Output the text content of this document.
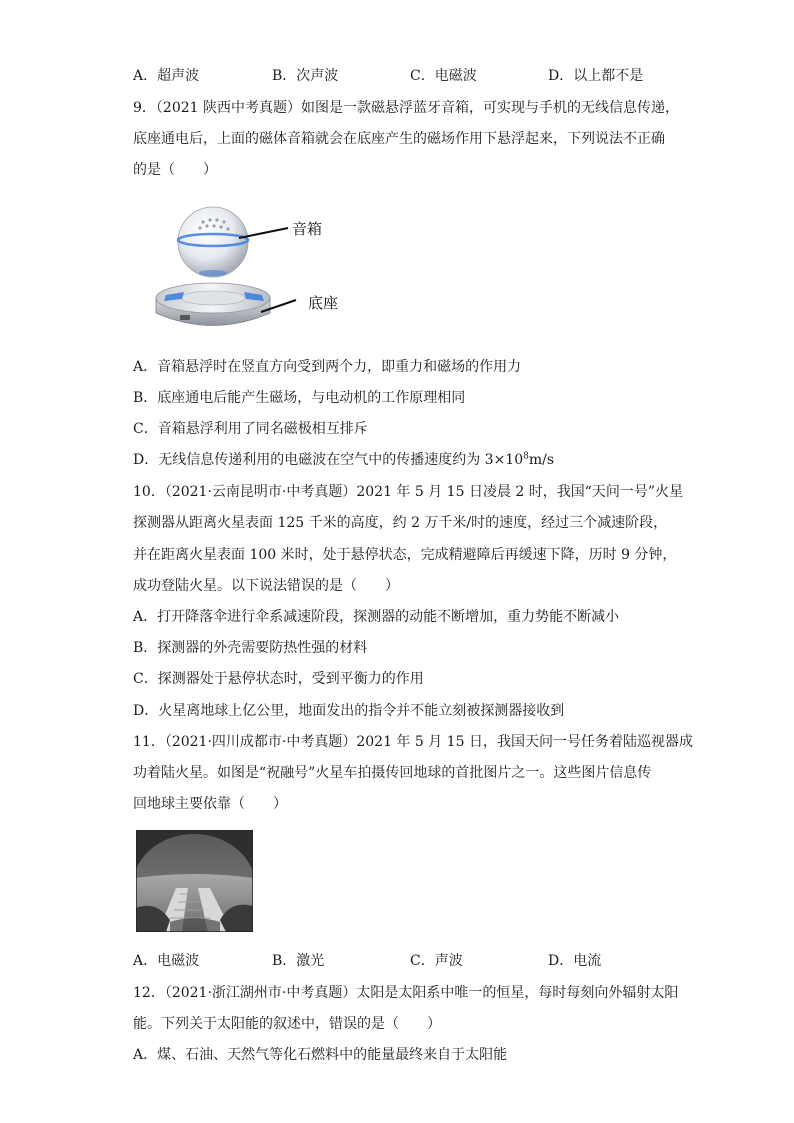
A．超声波	B．次声波	C．电磁波	D．以上都不是
9．（2021 陕西中考真题）如图是一款磁悬浮蓝牙音箱，可实现与手机的无线信息传递，
底座通电后，上面的磁体音箱就会在底座产生的磁场作用下悬浮起来，下列说法不正确
的是（　　）
音箱
底座
A．音箱悬浮时在竖直方向受到两个力，即重力和磁场的作用力
B．底座通电后能产生磁场，与电动机的工作原理相同
C．音箱悬浮利用了同名磁极相互排斥
D．无线信息传递利用的电磁波在空气中的传播速度约为 $3\times 10^8m/s$
10．（2021·云南昆明市·中考真题）2021 年 5 月 15 日凌晨 2 时，我国“天问一号”火星
探测器从距离火星表面 125 千米的高度，约 2 万千米/时的速度，经过三个减速阶段，
并在距离火星表面 100 米时，处于悬停状态，完成精避障后再缓速下降，历时 9 分钟，
成功登陆火星。以下说法错误的是（　　）
A．打开降落伞进行伞系减速阶段，探测器的动能不断增加，重力势能不断减小
B．探测器的外壳需要防热性强的材料
C．探测器处于悬停状态时，受到平衡力的作用
D．火星离地球上亿公里，地面发出的指令并不能立刻被探测器接收到
11．（2021·四川成都市·中考真题）2021 年 5 月 15 日，我国天问一号任务着陆巡视器成
功着陆火星。如图是“祝融号”火星车拍摄传回地球的首批图片之一。这些图片信息传
回地球主要依靠（　　）
A．电磁波	B．激光	C．声波	D．电流
12．（2021·浙江湖州市·中考真题）太阳是太阳系中唯一的恒星，每时每刻向外辐射太阳
能。下列关于太阳能的叙述中，错误的是（　　）
A．煤、石油、天然气等化石燃料中的能量最终来自于太阳能
